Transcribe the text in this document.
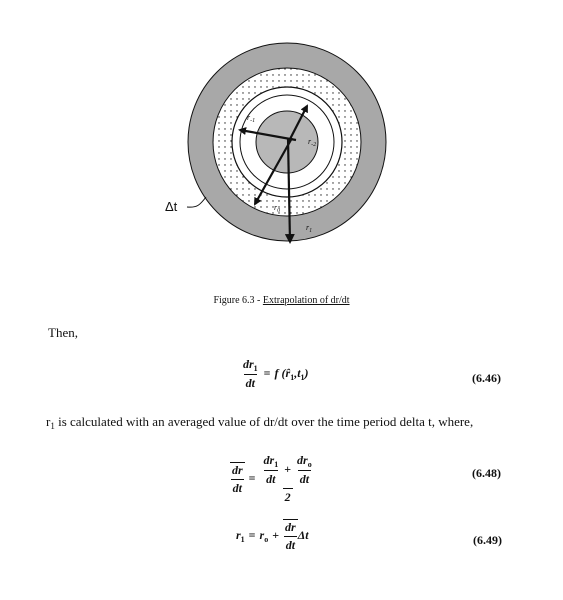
$r_{-1}$
$r_{-2}$
$r_0$
$r_1$
Δt
Figure 6.3 - Extrapolation of dr/dt
Then,
$\frac{dr_1}{dt} = f$ $(r̂_1,t_1)$	(6.46)
$r_1$ is calculated with an averaged value of dr/dt over the time period delta t, where,
$\frac{dr}{dt} = \frac{\frac{dr_1}{dt} + \frac{dr_o}{dt}}{2}$	(6.48)
$r_1 = r_o + \frac{dr}{dt}$ Δt	(6.49)
